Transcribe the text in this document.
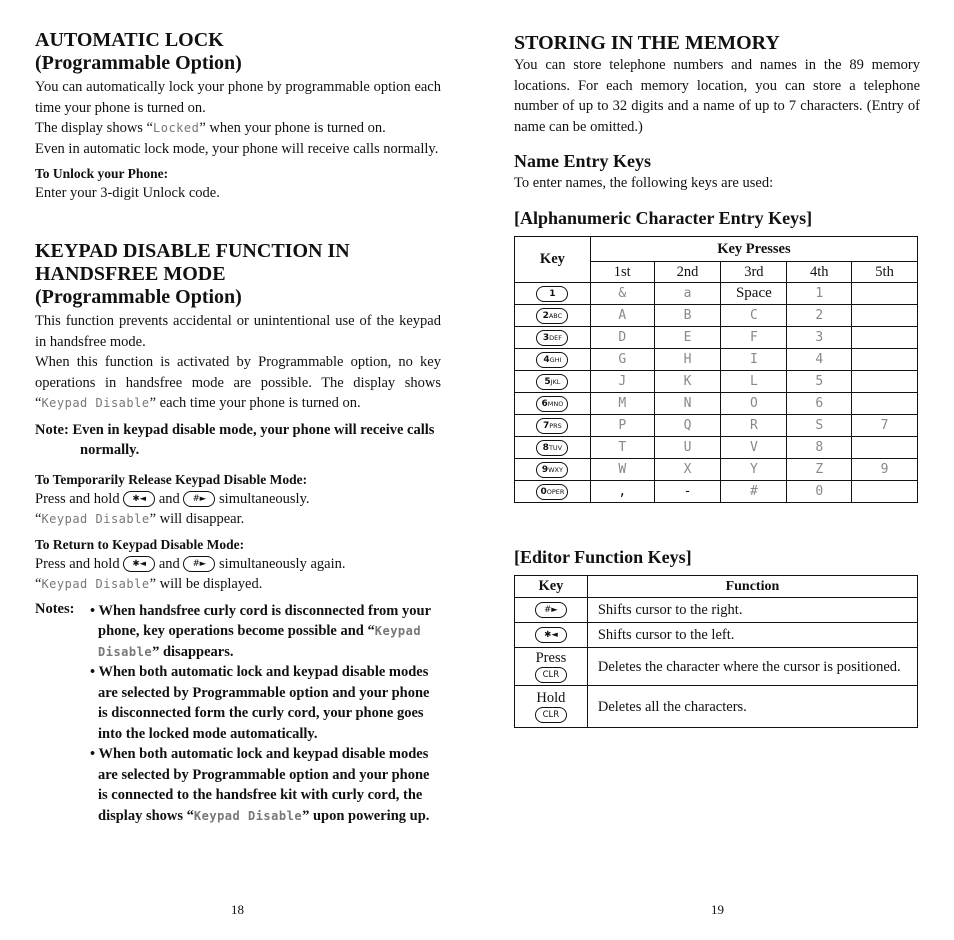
AUTOMATIC LOCK
(Programmable Option)

You can automatically lock your phone by programmable option each time your phone is turned on.

The display shows “Locked” when your phone is turned on.

Even in automatic lock mode, your phone will receive calls normally.

To Unlock your Phone:

Enter your 3-digit Unlock code.

KEYPAD DISABLE FUNCTION IN
HANDSFREE MODE
(Programmable Option)

This function prevents accidental or unintentional use of the keypad in handsfree mode.

When this function is activated by Programmable option, no key operations in handsfree mode are possible. The display shows “Keypad Disable” each time your phone is turned on.

Note: Even in keypad disable mode, your phone will receive calls normally.
To Temporarily Release Keypad Disable Mode:

Press and hold ✱◄ and #► simultaneously.

“Keypad Disable” will disappear.

To Return to Keypad Disable Mode:

Press and hold ✱◄ and #► simultaneously again.

“Keypad Disable” will be displayed.

Notes:	• When handsfree curly cord is disconnected from your phone, key operations become possible and “Keypad Disable” disappears.
• When both automatic lock and keypad disable modes are selected by Programmable option and your phone is disconnected form the curly cord, your phone goes into the locked mode automatically.
• When both automatic lock and keypad disable modes are selected by Programmable option and your phone is connected to the handsfree kit with curly cord, the display shows “Keypad Disable” upon powering up.
18
STORING IN THE MEMORY

You can store telephone numbers and names in the 89 memory locations. For each memory location, you can store a telephone number of up to 32 digits and a name of up to 7 characters. (Entry of name can be omitted.)

Name Entry Keys

To enter names, the following keys are used:

[Alphanumeric Character Entry Keys]
Key	Key Presses				
	1st	2nd	3rd	4th	5th
1	&	a	Space	1	
2ABC	A	B	C	2	
3DEF	D	E	F	3	
4GHI	G	H	I	4	
5JKL	J	K	L	5	
6MNO	M	N	O	6	
7PRS	P	Q	R	S	7
8TUV	T	U	V	8	
9WXY	W	X	Y	Z	9
0OPER	,	-	#	0	
[Editor Function Keys]
Key	Function
#►	Shifts cursor to the right.
✱◄	Shifts cursor to the left.

Press
CLR	Deletes the character where the cursor is positioned.

Hold
CLR	Deletes all the characters.
19
